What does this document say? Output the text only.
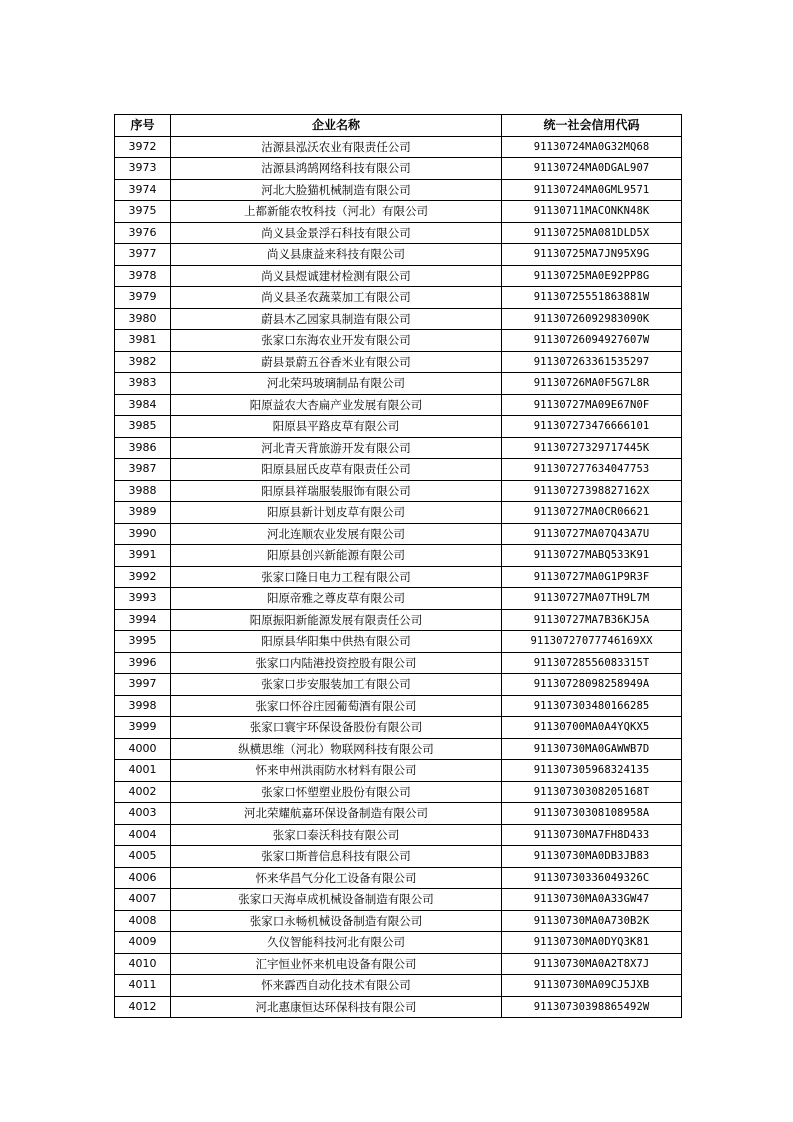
序号	企业名称	统一社会信用代码
3972	沽源县泓沃农业有限责任公司	91130724MA0G32MQ68
3973	沽源县鸿鹄网络科技有限公司	91130724MA0DGAL907
3974	河北大脸猫机械制造有限公司	91130724MA0GML9571
3975	上都新能农牧科技（河北）有限公司	91130711MACONKN48K
3976	尚义县金景浮石科技有限公司	91130725MA081DLD5X
3977	尚义县康益来科技有限公司	91130725MA7JN95X9G
3978	尚义县煜诚建材检测有限公司	91130725MA0E92PP8G
3979	尚义县圣农蔬菜加工有限公司	91130725551863881W
3980	蔚县木乙园家具制造有限公司	91130726092983090K
3981	张家口东海农业开发有限公司	91130726094927607W
3982	蔚县景蔚五谷香米业有限公司	911307263361535297
3983	河北荣玛玻璃制品有限公司	91130726MA0F5G7L8R
3984	阳原益农大杏扁产业发展有限公司	91130727MA09E67N0F
3985	阳原县平路皮草有限公司	911307273476666101
3986	河北青天背旅游开发有限公司	91130727329717445K
3987	阳原县屈氏皮草有限责任公司	911307277634047753
3988	阳原县祥瑞服装服饰有限公司	91130727398827162X
3989	阳原县新计划皮草有限公司	91130727MA0CR06621
3990	河北连顺农业发展有限公司	91130727MA07Q43A7U
3991	阳原县创兴新能源有限公司	91130727MABQ533K91
3992	张家口隆日电力工程有限公司	91130727MA0G1P9R3F
3993	阳原帝雅之尊皮草有限公司	91130727MA07TH9L7M
3994	阳原振阳新能源发展有限责任公司	91130727MA7B36KJ5A
3995	阳原县华阳集中供热有限公司	91130727077746169XX
3996	张家口内陆港投资控股有限公司	91130728556083315T
3997	张家口步安服装加工有限公司	91130728098258949A
3998	张家口怀谷庄园葡萄酒有限公司	911307303480166285
3999	张家口寰宇环保设备股份有限公司	91130700MA0A4YQKX5
4000	纵横思维（河北）物联网科技有限公司	91130730MA0GAWWB7D
4001	怀来申州洪雨防水材料有限公司	911307305968324135
4002	张家口怀塑塑业股份有限公司	91130730308205168T
4003	河北荣耀航嘉环保设备制造有限公司	91130730308108958A
4004	张家口泰沃科技有限公司	91130730MA7FH8D433
4005	张家口斯普信息科技有限公司	91130730MA0DB3JB83
4006	怀来华昌气分化工设备有限公司	91130730336049326C
4007	张家口天海卓成机械设备制造有限公司	91130730MA0A33GW47
4008	张家口永畅机械设备制造有限公司	91130730MA0A730B2K
4009	久仪智能科技河北有限公司	91130730MA0DYQ3K81
4010	汇宇恒业怀来机电设备有限公司	91130730MA0A2T8X7J
4011	怀来霹西自动化技术有限公司	91130730MA09CJ5JXB
4012	河北惠康恒达环保科技有限公司	91130730398865492W
